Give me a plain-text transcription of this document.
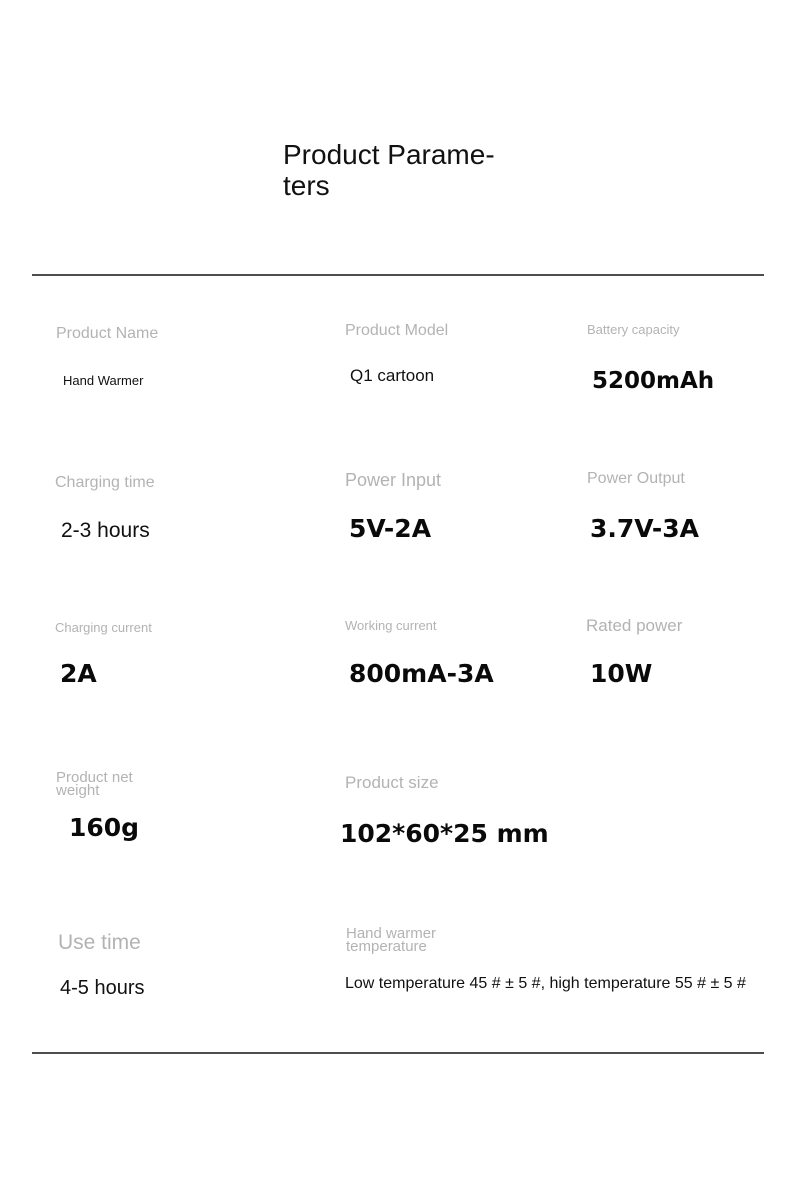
Product Parame-
ters
Product Name
Hand Warmer
Product Model
Q1 cartoon
Battery capacity
5200mAh
Charging time
2-3 hours
Power Input
5V-2A
Power Output
3.7V-3A
Charging current
2A
Working current
800mA-3A
Rated power
10W
Product net
weight
160g
Product size
102*60*25 mm
Use time
4-5 hours
Hand warmer
temperature
Low temperature 45 # ± 5 #, high temperature 55 # ± 5 #
